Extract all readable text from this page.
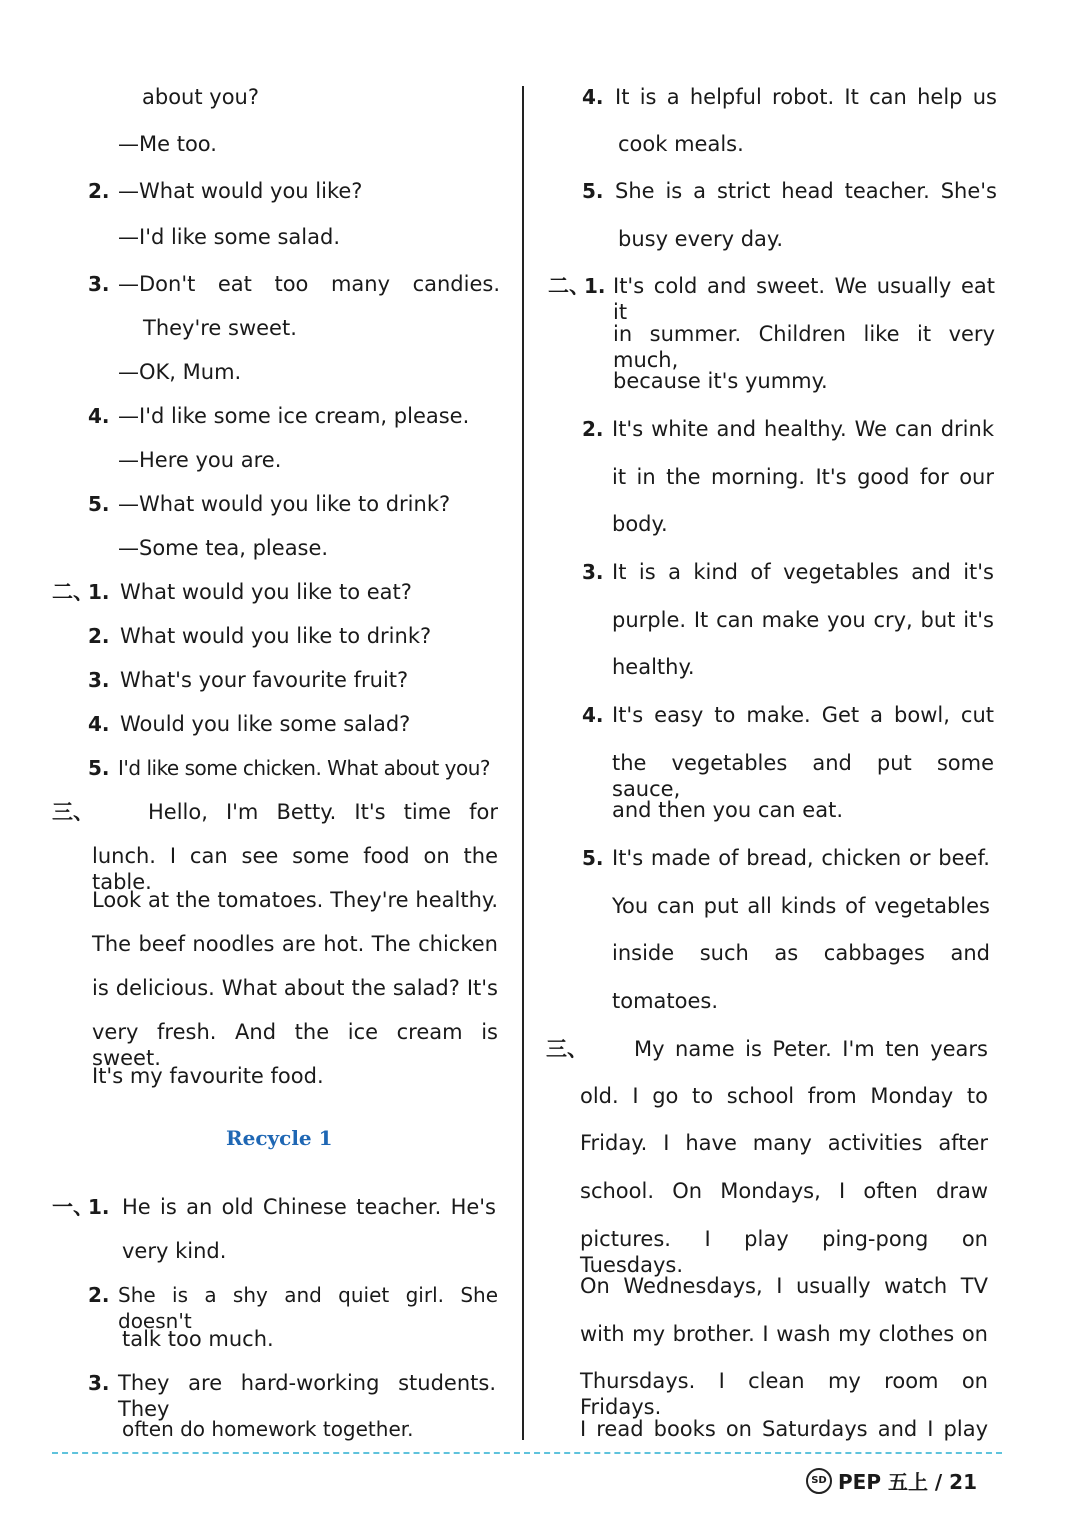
about you?
—Me too.
2. —What would you like?
—I'd like some salad.
3. —Don't eat too many candies.
They're sweet.
—OK, Mum.
4. —I'd like some ice cream, please.
—Here you are.
5. —What would you like to drink?
—Some tea, please.
二、
1. What would you like to eat?
2. What would you like to drink?
3. What's your favourite fruit?
4. Would you like some salad?
5. I'd like some chicken. What about you?
三、	Hello, I'm Betty. It's time for
lunch. I can see some food on the table.
Look at the tomatoes. They're healthy.
The beef noodles are hot. The chicken
is delicious. What about the salad? It's
very fresh. And the ice cream is sweet.
It's my favourite food.
Recycle 1
一、
1. He is an old Chinese teacher. He's
very kind.
2. She is a shy and quiet girl. She doesn't
talk too much.
3. They are hard-working students. They
often do homework together.
4. It is a helpful robot. It can help us
cook meals.
5. She is a strict head teacher. She's
busy every day.
二、
1. It's cold and sweet. We usually eat it
in summer. Children like it very much,
because it's yummy.
2. It's white and healthy. We can drink
it in the morning. It's good for our
body.
3. It is a kind of vegetables and it's
purple. It can make you cry, but it's
healthy.
4. It's easy to make. Get a bowl, cut
the vegetables and put some sauce,
and then you can eat.
5. It's made of bread, chicken or beef.
You can put all kinds of vegetables
inside such as cabbages and
tomatoes.
三、 My name is Peter. I'm ten years
old. I go to school from Monday to
Friday. I have many activities after
school. On Mondays, I often draw
pictures. I play ping-pong on Tuesdays.
On Wednesdays, I usually watch TV
with my brother. I wash my clothes on
Thursdays. I clean my room on Fridays.
I read books on Saturdays and I play
SD PEP 五上 / 21
